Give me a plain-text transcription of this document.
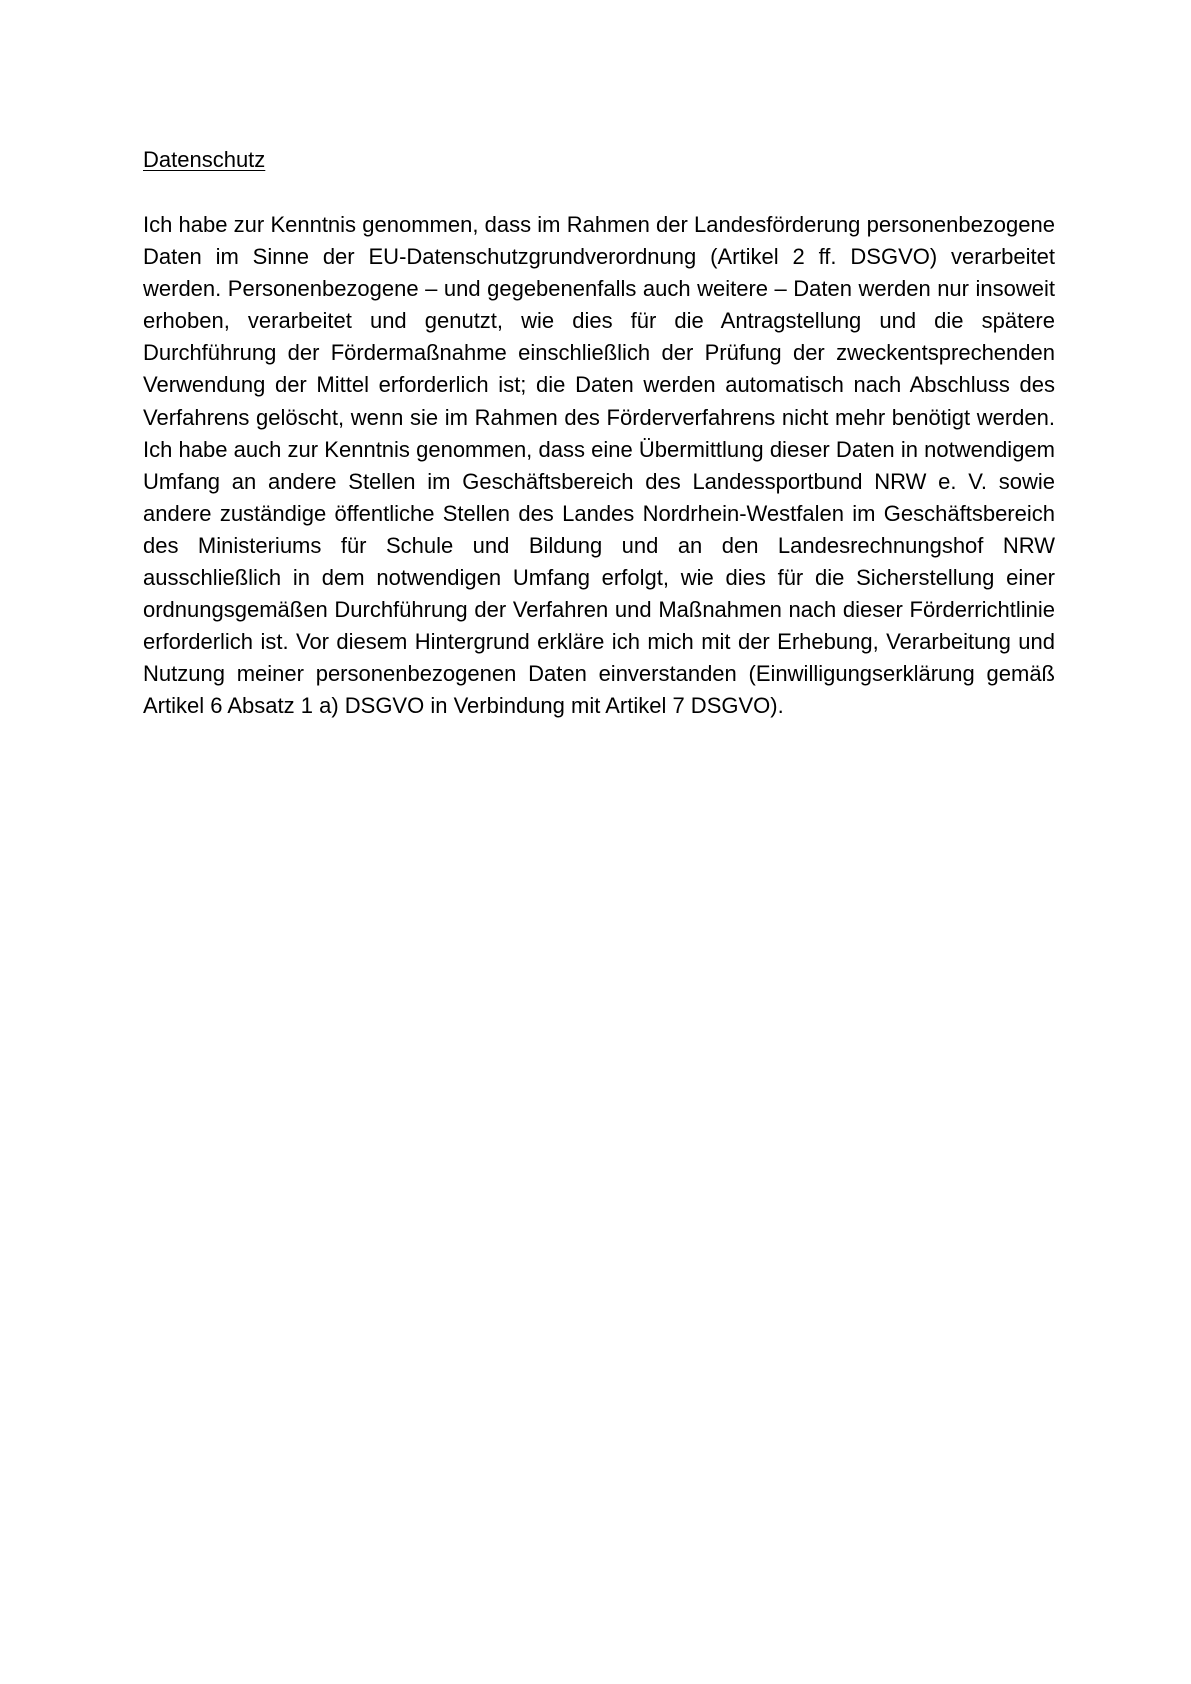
Datenschutz

Ich habe zur Kenntnis genommen, dass im Rahmen der Landesförderung personenbezogene Daten im Sinne der EU-Datenschutzgrundverordnung (Artikel 2 ff. DSGVO) verarbeitet werden. Personenbezogene – und gegebenenfalls auch weitere – Daten werden nur insoweit erhoben, verarbeitet und genutzt, wie dies für die Antragstellung und die spätere Durchführung der Fördermaßnahme einschließlich der Prüfung der zweckentsprechenden Verwendung der Mittel erforderlich ist; die Daten werden automatisch nach Abschluss des Verfahrens gelöscht, wenn sie im Rahmen des Förderverfahrens nicht mehr benötigt werden. Ich habe auch zur Kenntnis genommen, dass eine Übermittlung dieser Daten in notwendigem Umfang an andere Stellen im Geschäftsbereich des Landessportbund NRW e. V. sowie andere zuständige öffentliche Stellen des Landes Nordrhein-Westfalen im Geschäftsbereich des Ministeriums für Schule und Bildung und an den Landesrechnungshof NRW ausschließlich in dem notwendigen Umfang erfolgt, wie dies für die Sicherstellung einer ordnungsgemäßen Durchführung der Verfahren und Maßnahmen nach dieser Förderrichtlinie erforderlich ist. Vor diesem Hintergrund erkläre ich mich mit der Erhebung, Verarbeitung und Nutzung meiner personenbezogenen Daten einverstanden (Einwilligungserklärung gemäß Artikel 6 Absatz 1 a) DSGVO in Verbindung mit Artikel 7 DSGVO).
